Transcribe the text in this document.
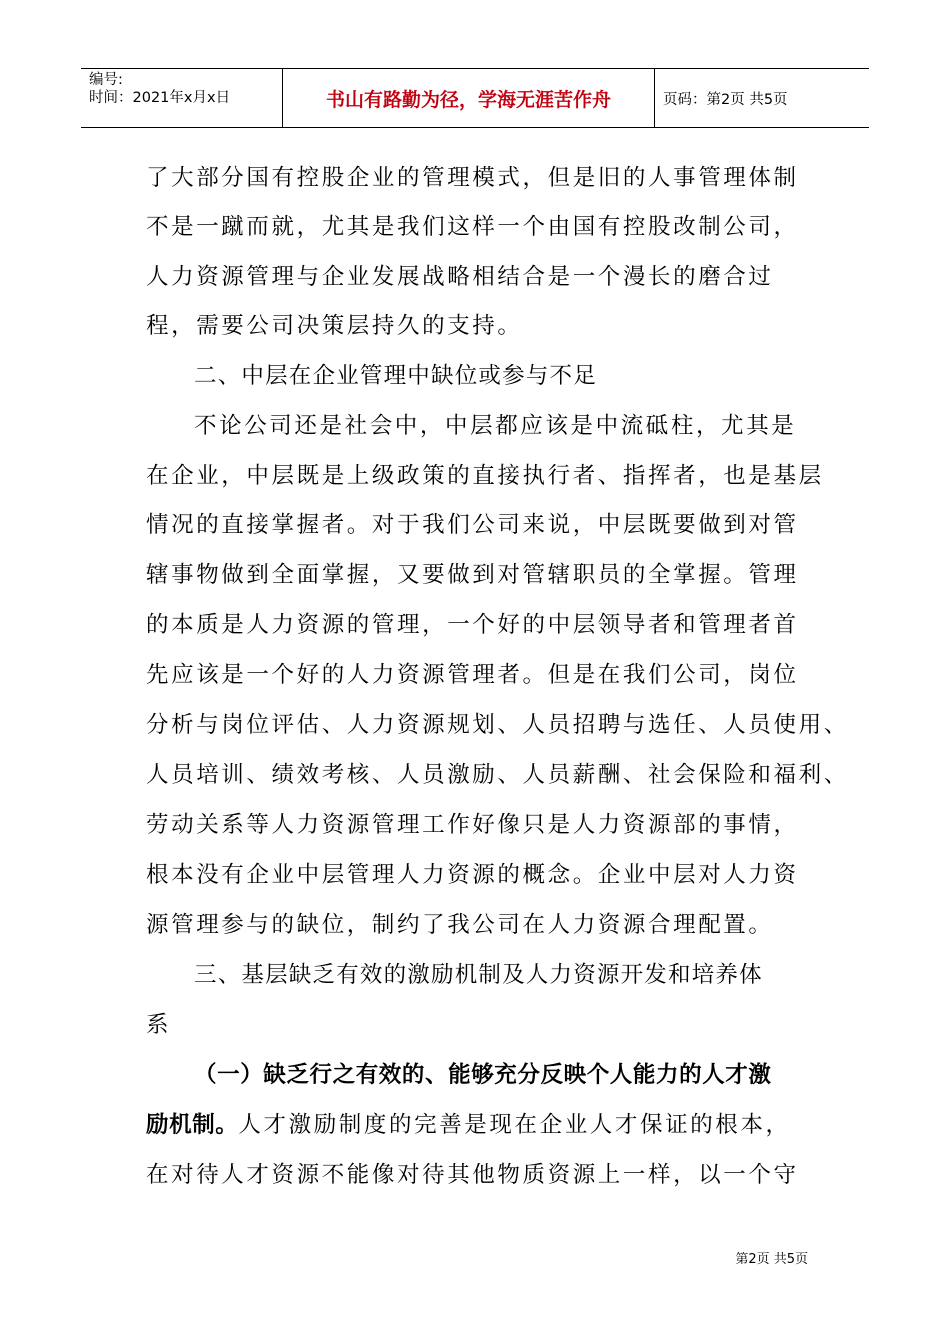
编号:
时间：2021年x月x日	书山有路勤为径，学海无涯苦作舟	页码：第2页 共5页
了大部分国有控股企业的管理模式，但是旧的人事管理体制
不是一蹴而就，尤其是我们这样一个由国有控股改制公司，
人力资源管理与企业发展战略相结合是一个漫长的磨合过
程，需要公司决策层持久的支持。
二、中层在企业管理中缺位或参与不足
不论公司还是社会中，中层都应该是中流砥柱，尤其是
在企业，中层既是上级政策的直接执行者、指挥者，也是基层
情况的直接掌握者。对于我们公司来说，中层既要做到对管
辖事物做到全面掌握，又要做到对管辖职员的全掌握。管理
的本质是人力资源的管理，一个好的中层领导者和管理者首
先应该是一个好的人力资源管理者。但是在我们公司，岗位
分析与岗位评估、人力资源规划、人员招聘与选任、人员使用、
人员培训、绩效考核、人员激励、人员薪酬、社会保险和福利、
劳动关系等人力资源管理工作好像只是人力资源部的事情，
根本没有企业中层管理人力资源的概念。企业中层对人力资
源管理参与的缺位，制约了我公司在人力资源合理配置。
三、基层缺乏有效的激励机制及人力资源开发和培养体
系
（一）缺乏行之有效的、能够充分反映个人能力的人才激
励机制。人才激励制度的完善是现在企业人才保证的根本，
在对待人才资源不能像对待其他物质资源上一样，以一个守
第2页 共5页
